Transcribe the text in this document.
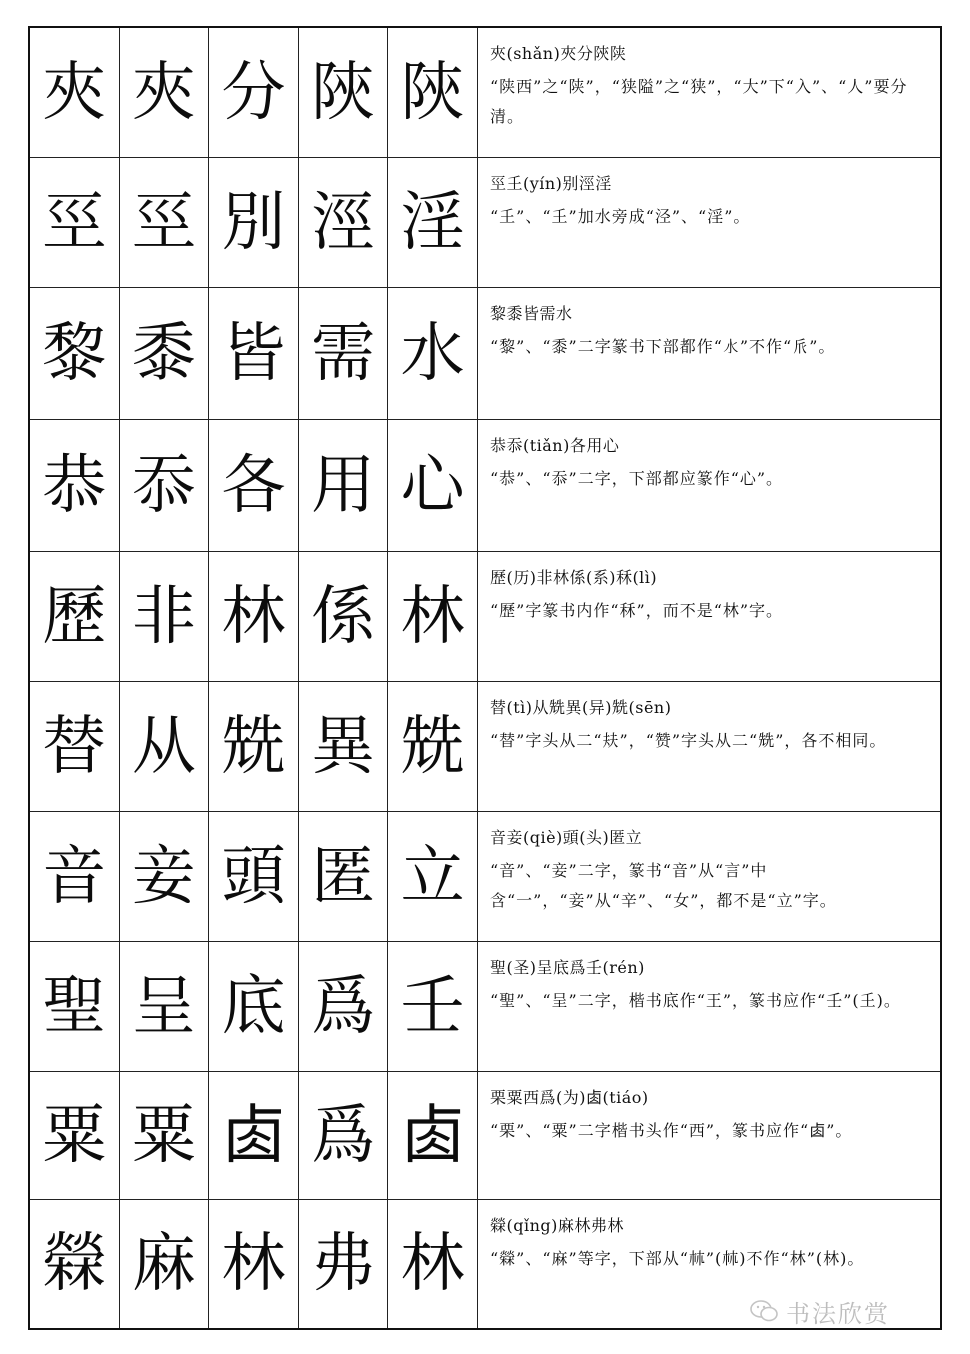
夾 夾 分 陝 陝
夾(shǎn)夾分陝陕
“陕西”之“陕”，“狭隘”之“狭”，“大”下“入”、“人”要分清。
巠 巠 別 涇 淫
巠𡈼(yín)别涇淫
“𡈼”、“𡈼”加水旁成“泾”、“淫”。
黎 黍 皆 需 水
黎黍皆需水
“黎”、“黍”二字篆书下部都作“𣱱”不作“𠂢”。
恭 忝 各 用 心
恭忝(tiǎn)各用心
“恭”、“忝”二字，下部都应篆作“心”。
歷 非 林 係 林
歷(历)非林係(系)秝(lì)
“歷”字篆书内作“秝”，而不是“林”字。
替 从 兟 異 兟
替(tì)从兟異(异)兟(sēn)
“替”字头从二“㚘”，“赞”字头从二“兟”，各不相同。
音 妾 頭 匿 立
音妾(qiè)頭(头)匿立
“音”、“妾”二字，篆书“音”从“言”中含“一”，“妾”从“辛”、“女”，都不是“立”字。
聖 呈 底 爲 壬
聖(圣)呈底爲壬(rén)
“聖”、“呈”二字，楷书底作“王”，篆书应作“壬”(𡈼)。
粟 粟 𠧪 爲 𠧪
栗粟西爲(为)𠧪(tiáo)
“栗”、“粟”二字楷书头作“西”，篆书应作“𠧪”。
檾 麻 林 弗 林
檾(qǐng)麻林弗林
“檾”、“麻”等字，下部从“𣏟”(𣏟)不作“林”(林)。
书法欣赏
